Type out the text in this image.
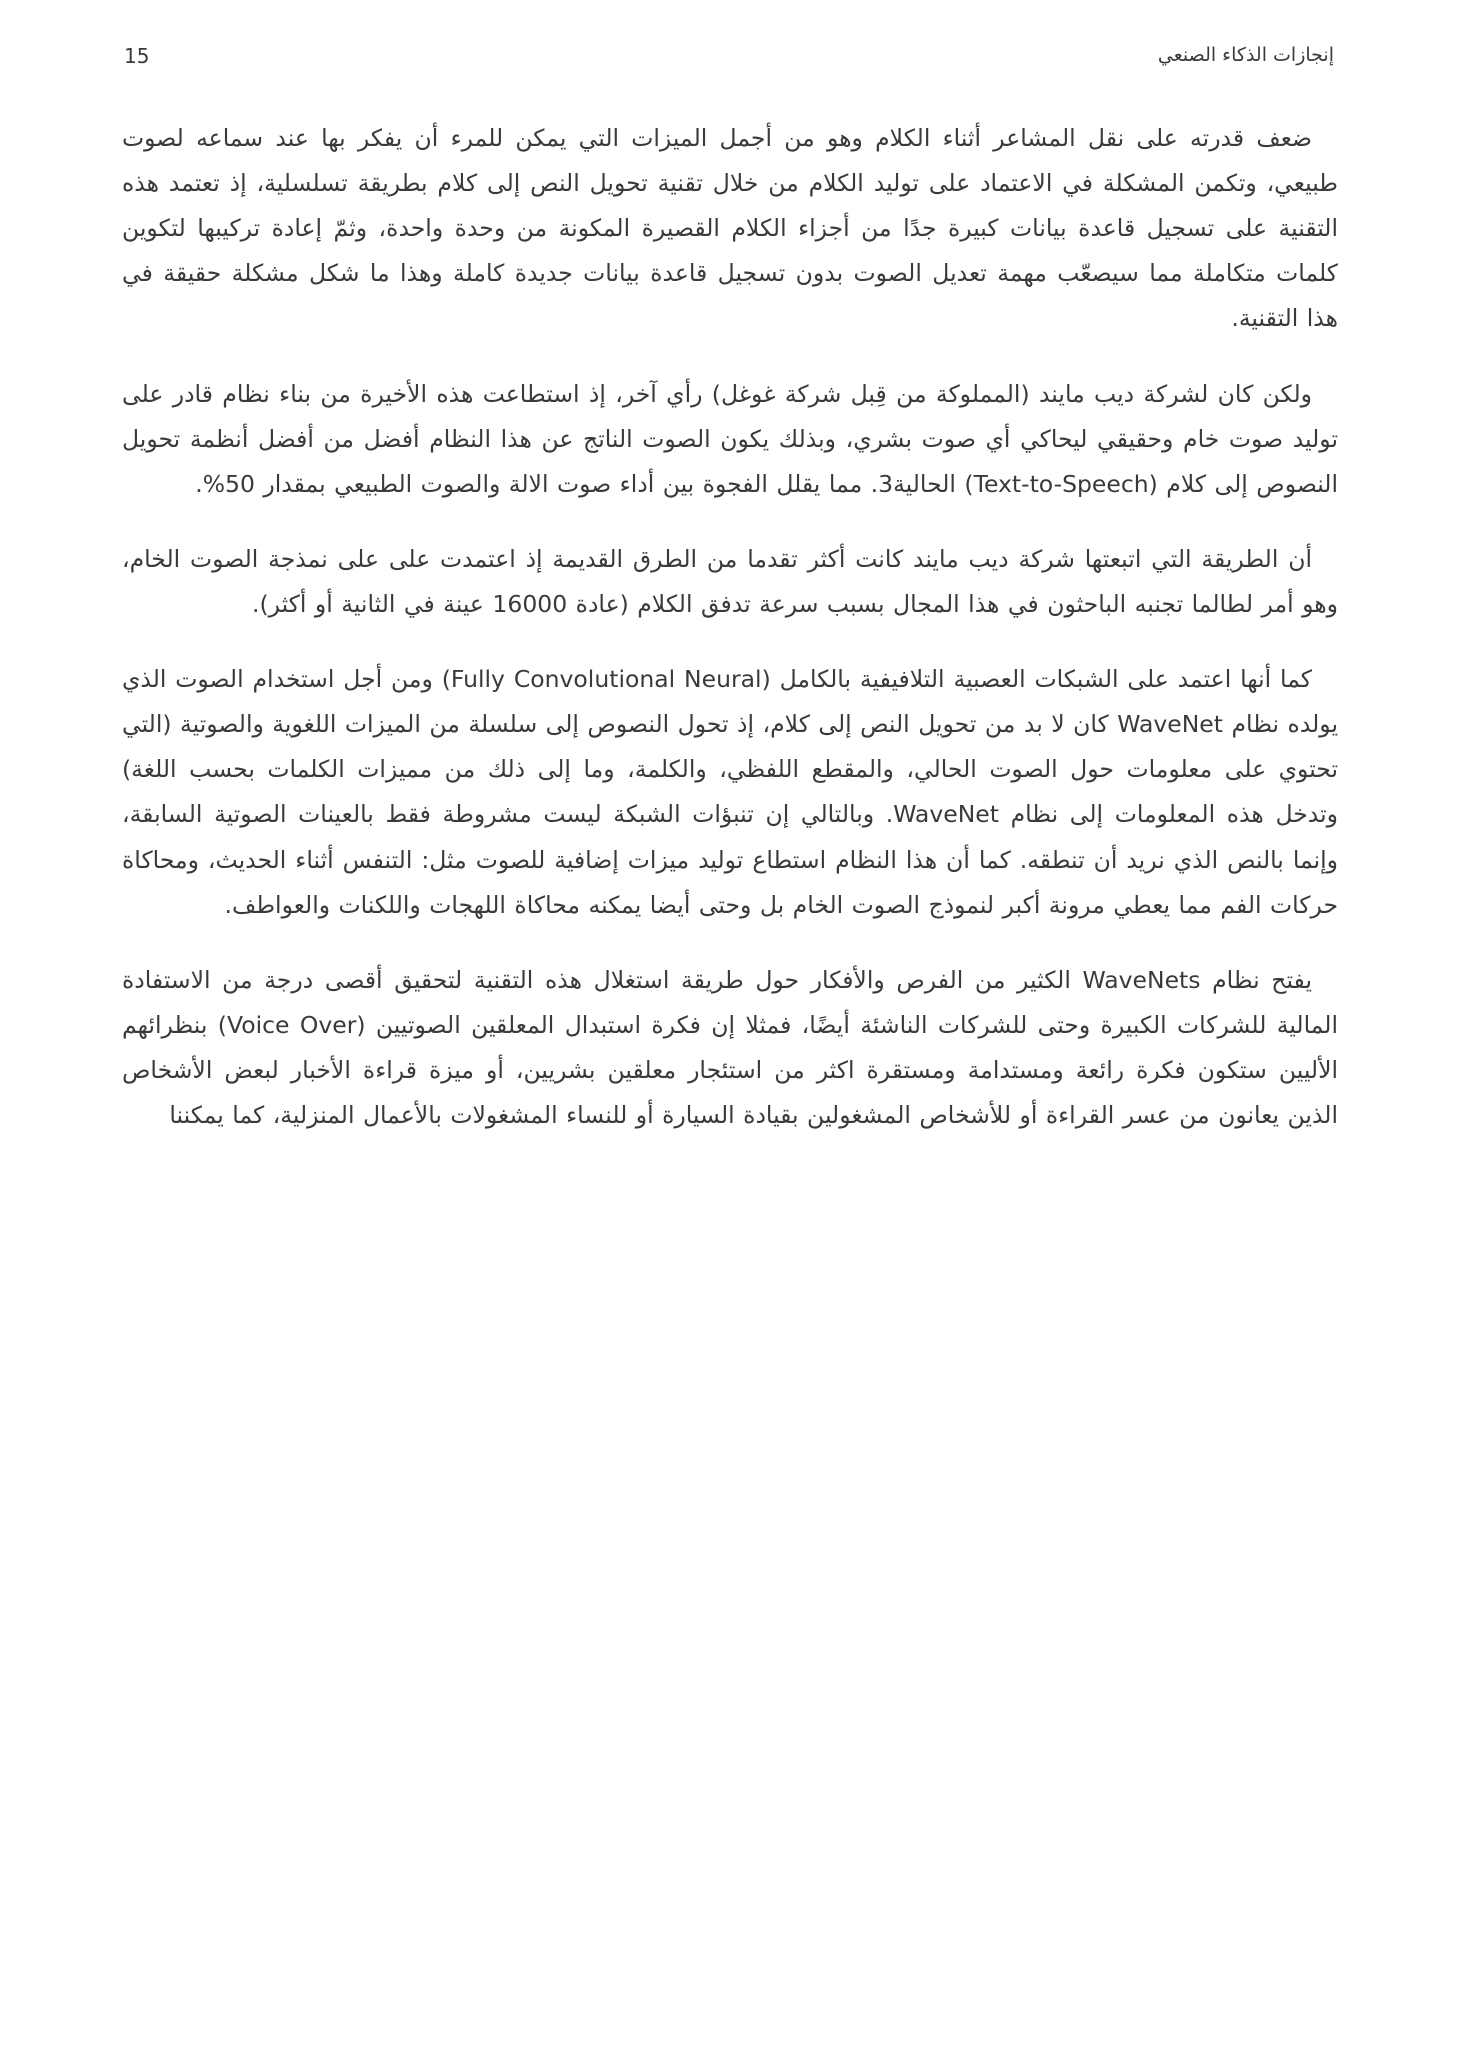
15	إنجازات الذكاء الصنعي

ضعف قدرته على نقل المشاعر أثناء الكلام وهو من أجمل الميزات التي يمكن للمرء أن يفكر بها عند سماعه لصوت طبيعي، وتكمن المشكلة في الاعتماد على توليد الكلام من خلال تقنية تحويل النص إلى كلام بطريقة تسلسلية، إذ تعتمد هذه التقنية على تسجيل قاعدة بيانات كبيرة جدًا من أجزاء الكلام القصيرة المكونة من وحدة واحدة، وثمّ إعادة تركيبها لتكوين كلمات متكاملة مما سيصعّب مهمة تعديل الصوت بدون تسجيل قاعدة بيانات جديدة كاملة وهذا ما شكل مشكلة حقيقة في هذا التقنية.

ولكن كان لشركة ديب مايند (المملوكة من قِبل شركة غوغل) رأي آخر، إذ استطاعت هذه الأخيرة من بناء نظام قادر على توليد صوت خام وحقيقي ليحاكي أي صوت بشري، وبذلك يكون الصوت الناتج عن هذا النظام أفضل من أفضل أنظمة تحويل النصوص إلى كلام (Text-to-Speech) الحالية3. مما يقلل الفجوة بين أداء صوت الالة والصوت الطبيعي بمقدار 50%.

أن الطريقة التي اتبعتها شركة ديب مايند كانت أكثر تقدما من الطرق القديمة إذ اعتمدت على على نمذجة الصوت الخام، وهو أمر لطالما تجنبه الباحثون في هذا المجال بسبب سرعة تدفق الكلام (عادة 16000 عينة في الثانية أو أكثر).

كما أنها اعتمد على الشبكات العصبية التلافيفية بالكامل (Fully Convolutional Neural) ومن أجل استخدام الصوت الذي يولده نظام WaveNet كان لا بد من تحويل النص إلى كلام، إذ تحول النصوص إلى سلسلة من الميزات اللغوية والصوتية (التي تحتوي على معلومات حول الصوت الحالي، والمقطع اللفظي، والكلمة، وما إلى ذلك من مميزات الكلمات بحسب اللغة) وتدخل هذه المعلومات إلى نظام WaveNet. وبالتالي إن تنبؤات الشبكة ليست مشروطة فقط بالعينات الصوتية السابقة، وإنما بالنص الذي نريد أن تنطقه. كما أن هذا النظام استطاع توليد ميزات إضافية للصوت مثل: التنفس أثناء الحديث، ومحاكاة حركات الفم مما يعطي مرونة أكبر لنموذج الصوت الخام بل وحتى أيضا يمكنه محاكاة اللهجات واللكنات والعواطف.

يفتح نظام WaveNets الكثير من الفرص والأفكار حول طريقة استغلال هذه التقنية لتحقيق أقصى درجة من الاستفادة المالية للشركات الكبيرة وحتى للشركات الناشئة أيضًا، فمثلا إن فكرة استبدال المعلقين الصوتيين (Voice Over) بنظرائهم الأليين ستكون فكرة رائعة ومستدامة ومستقرة اكثر من استئجار معلقين بشريين، أو ميزة قراءة الأخبار لبعض الأشخاص الذين يعانون من عسر القراءة أو للأشخاص المشغولين بقيادة السيارة أو للنساء المشغولات بالأعمال المنزلية، كما يمكننا
